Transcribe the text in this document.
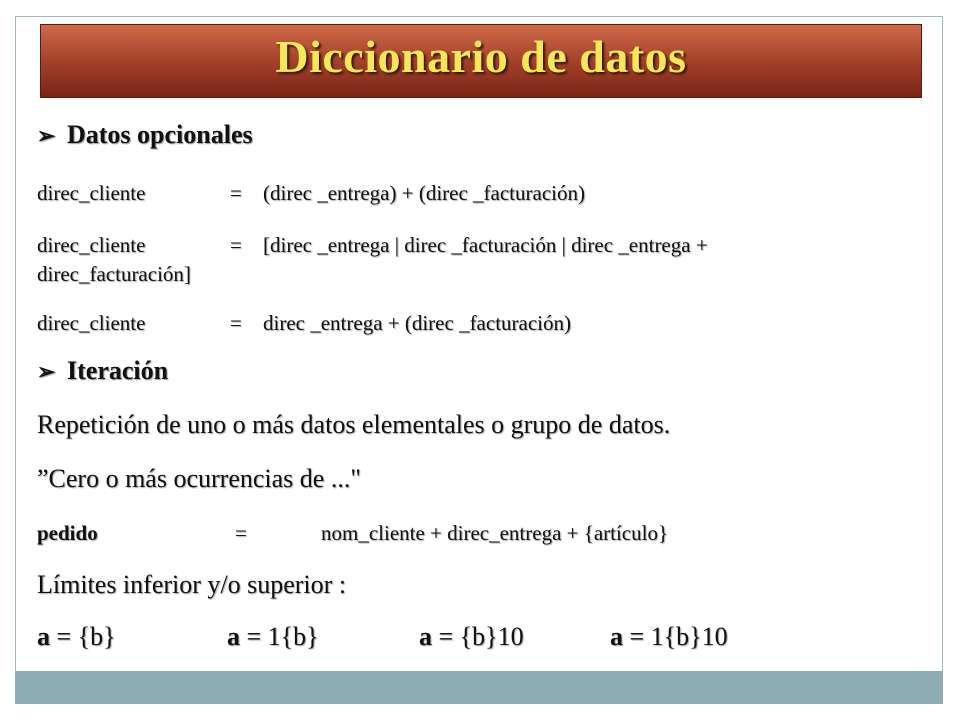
Diccionario de datos
➢ Datos opcionales
direc_cliente	= (direc _entrega) + (direc _facturación)
direc_cliente	= [direc _entrega | direc _facturación | direc _entrega +
direc_facturación]
direc_cliente	= direc _entrega + (direc _facturación)
➢ Iteración
Repetición de uno o más datos elementales o grupo de datos.
”Cero o más ocurrencias de ..."
pedido	=	nom_cliente + direc_entrega + {artículo}
Límites inferior y/o superior :
a = {b}	a = 1{b}	a = {b}10	a = 1{b}10
